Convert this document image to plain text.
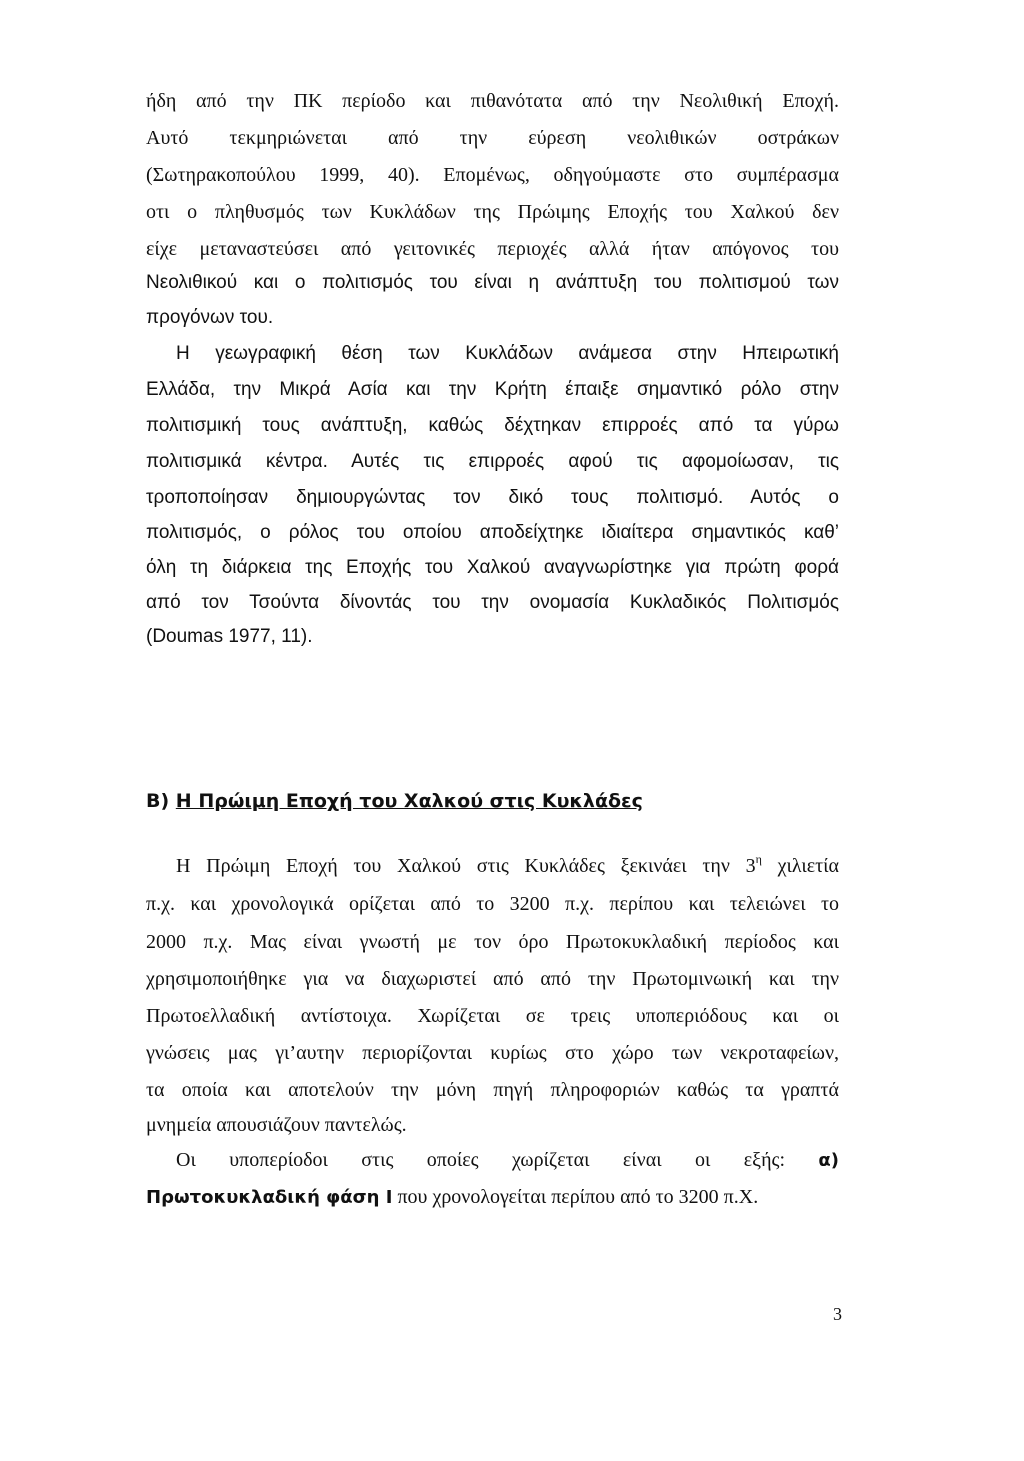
ήδη από την ΠΚ περίοδο και πιθανότατα από την Νεολιθική Εποχή.
Αυτό τεκμηριώνεται από την εύρεση νεολιθικών οστράκων
(Σωτηρακοπούλου 1999, 40). Επομένως, οδηγούμαστε στο συμπέρασμα
οτι ο πληθυσμός των Κυκλάδων της Πρώιμης Εποχής του Χαλκού δεν
είχε μεταναστεύσει από γειτονικές περιοχές αλλά ήταν απόγονος του
Νεολιθικού και ο πολιτισμός του είναι η ανάπτυξη του πολιτισμού των
προγόνων του.
Η γεωγραφική θέση των Κυκλάδων ανάμεσα στην Ηπειρωτική
Ελλάδα, την Μικρά Ασία και την Κρήτη έπαιξε σημαντικό ρόλο στην
πολιτισμική τους ανάπτυξη, καθώς δέχτηκαν επιρροές από τα γύρω
πολιτισμικά κέντρα. Αυτές τις επιρροές αφού τις αφομοίωσαν, τις
τροποποίησαν δημιουργώντας τον δικό τους πολιτισμό. Αυτός ο
πολιτισμός, ο ρόλος του οποίου αποδείχτηκε ιδιαίτερα σημαντικός καθ’
όλη τη διάρκεια της Εποχής του Χαλκού αναγνωρίστηκε για πρώτη φορά
από τον Τσούντα δίνοντάς του την ονομασία Κυκλαδικός Πολιτισμός
(Doumas 1977, 11).
Β) Η Πρώιμη Εποχή του Χαλκού στις Κυκλάδες
Η Πρώιμη Εποχή του Χαλκού στις Κυκλάδες ξεκινάει την $3^\eta$ χιλιετία
π.χ. και χρονολογικά ορίζεται από το 3200 π.χ. περίπου και τελειώνει το
2000 π.χ. Μας είναι γνωστή με τον όρο Πρωτοκυκλαδική περίοδος και
χρησιμοποιήθηκε για να διαχωριστεί από από την Πρωτομινωική και την
Πρωτοελλαδική αντίστοιχα. Χωρίζεται σε τρεις υποπεριόδους και οι
γνώσεις μας γι’αυτην περιορίζονται κυρίως στο χώρο των νεκροταφείων,
τα οποία και αποτελούν την μόνη πηγή πληροφοριών καθώς τα γραπτά
μνημεία απουσιάζουν παντελώς.
Οι υποπερίοδοι στις οποίες χωρίζεται είναι οι εξής: α)
Πρωτοκυκλαδική φάση Ι που χρονολογείται περίπου από το 3200 π.Χ.
3
